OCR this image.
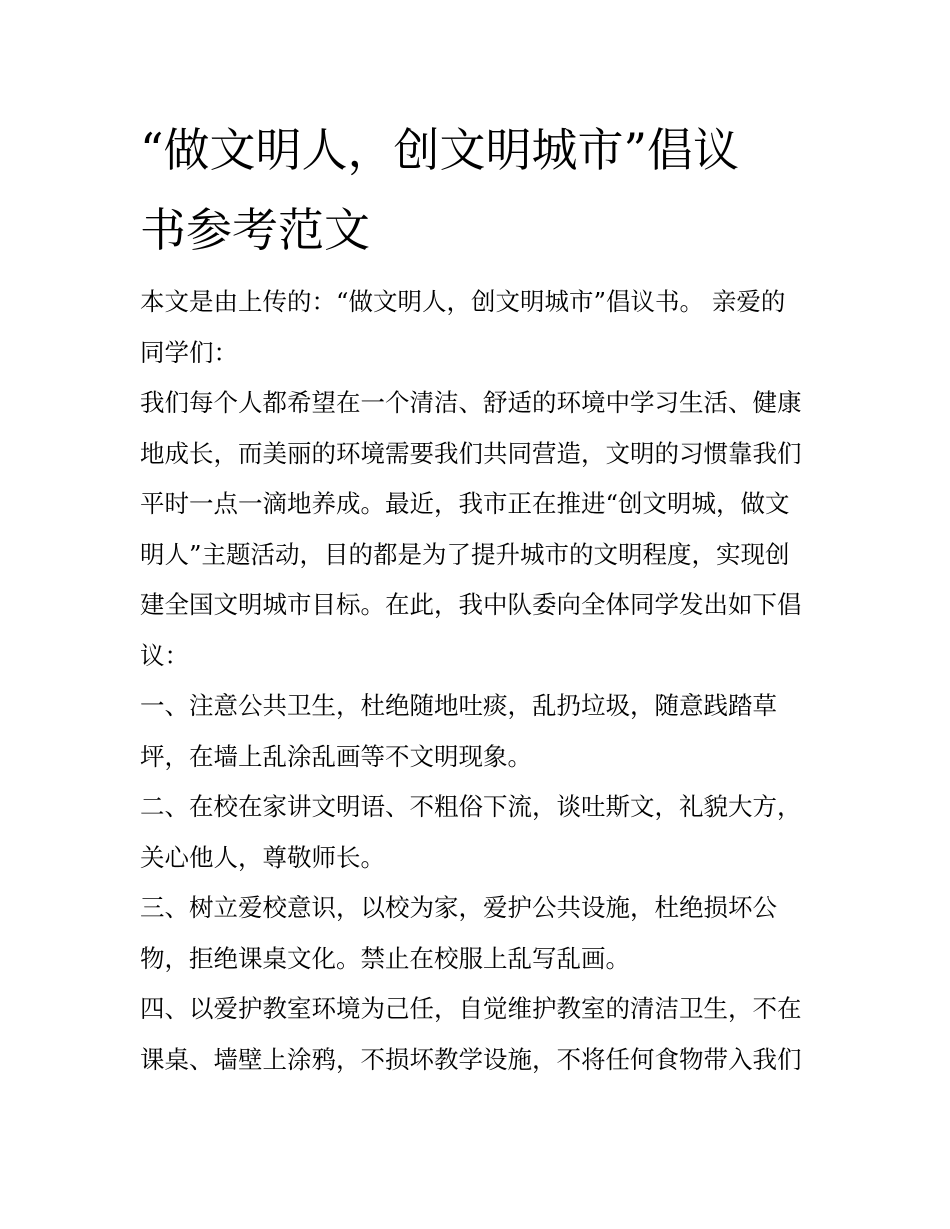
“做文明人，创文明城市”倡议
书参考范文
本文是由上传的：“做文明人，创文明城市”倡议书。 亲爱的
同学们：
我们每个人都希望在一个清洁、舒适的环境中学习生活、健康
地成长，而美丽的环境需要我们共同营造，文明的习惯靠我们
平时一点一滴地养成。最近，我市正在推进“创文明城，做文
明人”主题活动，目的都是为了提升城市的文明程度，实现创
建全国文明城市目标。在此，我中队委向全体同学发出如下倡
议：
一、注意公共卫生，杜绝随地吐痰，乱扔垃圾，随意践踏草
坪，在墙上乱涂乱画等不文明现象。
二、在校在家讲文明语、不粗俗下流，谈吐斯文，礼貌大方，
关心他人，尊敬师长。
三、树立爱校意识，以校为家，爱护公共设施，杜绝损坏公
物，拒绝课桌文化。禁止在校服上乱写乱画。
四、以爱护教室环境为己任，自觉维护教室的清洁卫生，不在
课桌、墙壁上涂鸦，不损坏教学设施，不将任何食物带入我们
